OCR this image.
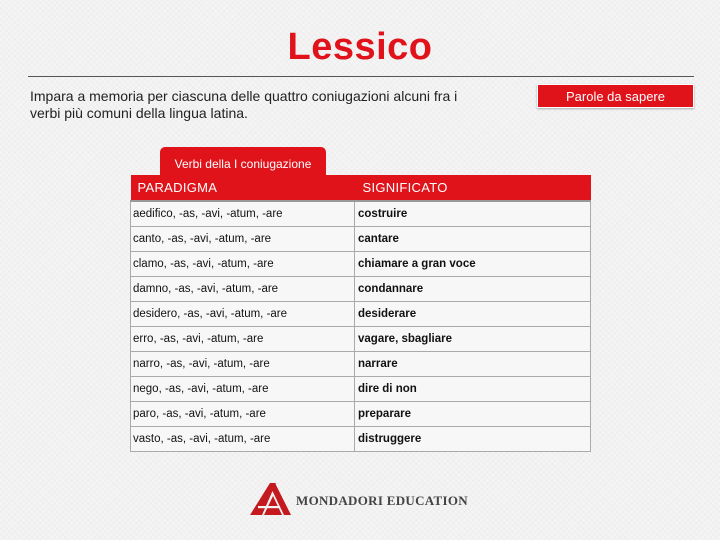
Lessico

Impara a memoria per ciascuna delle quattro coniugazioni alcuni fra i verbi più comuni della lingua latina.

Parole da sapere
Verbi della I coniugazione
PARADIGMA	SIGNIFICATO
aedifico, -as, -avi, -atum, -are	costruire
canto, -as, -avi, -atum, -are	cantare
clamo, -as, -avi, -atum, -are	chiamare a gran voce
damno, -as, -avi, -atum, -are	condannare
desidero, -as, -avi, -atum, -are	desiderare
erro, -as, -avi, -atum, -are	vagare, sbagliare
narro, -as, -avi, -atum, -are	narrare
nego, -as, -avi, -atum, -are	dire di non
paro, -as, -avi, -atum, -are	preparare
vasto, -as, -avi, -atum, -are	distruggere
MONDADORI EDUCATION
